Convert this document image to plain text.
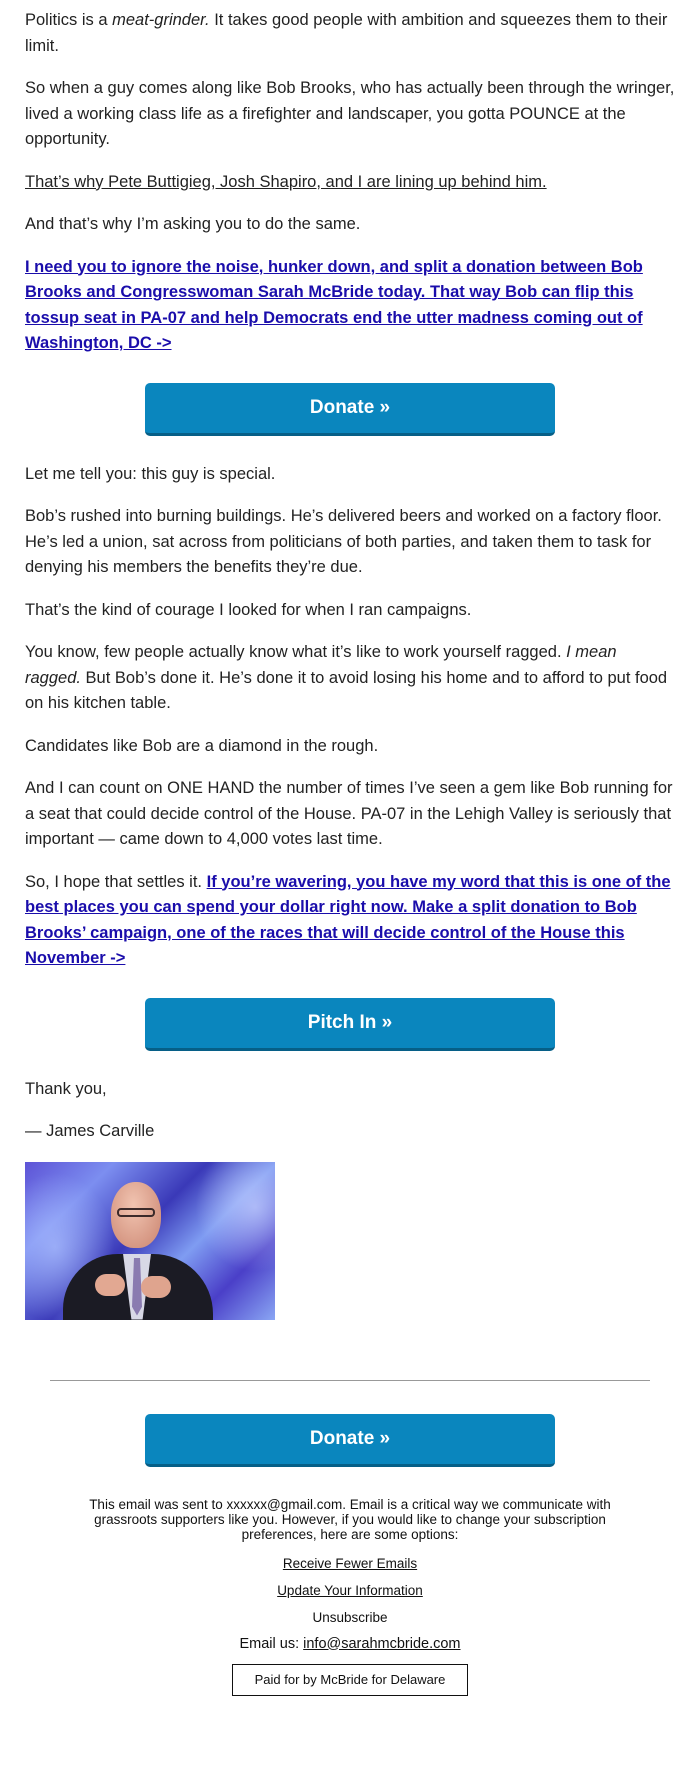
Politics is a meat-grinder. It takes good people with ambition and squeezes them to their limit.

So when a guy comes along like Bob Brooks, who has actually been through the wringer, lived a working class life as a firefighter and landscaper, you gotta POUNCE at the opportunity.

That’s why Pete Buttigieg, Josh Shapiro, and I are lining up behind him.

And that’s why I’m asking you to do the same.

I need you to ignore the noise, hunker down, and split a donation between Bob Brooks and Congresswoman Sarah McBride today. That way Bob can flip this tossup seat in PA-07 and help Democrats end the utter madness coming out of Washington, DC ->

Donate »

Let me tell you: this guy is special.

Bob’s rushed into burning buildings. He’s delivered beers and worked on a factory floor. He’s led a union, sat across from politicians of both parties, and taken them to task for denying his members the benefits they’re due.

That’s the kind of courage I looked for when I ran campaigns.

You know, few people actually know what it’s like to work yourself ragged. I mean ragged. But Bob’s done it. He’s done it to avoid losing his home and to afford to put food on his kitchen table.

Candidates like Bob are a diamond in the rough.

And I can count on ONE HAND the number of times I’ve seen a gem like Bob running for a seat that could decide control of the House. PA-07 in the Lehigh Valley is seriously that important — came down to 4,000 votes last time.

So, I hope that settles it. If you’re wavering, you have my word that this is one of the best places you can spend your dollar right now. Make a split donation to Bob Brooks’ campaign, one of the races that will decide control of the House this November ->

Pitch In »

Thank you,

— James Carville

Donate »
This email was sent to xxxxxx@gmail.com. Email is a critical way we communicate with grassroots supporters like you. However, if you would like to change your subscription preferences, here are some options:
Receive Fewer Emails
Update Your Information
Unsubscribe
Email us: info@sarahmcbride.com
Paid for by McBride for Delaware
